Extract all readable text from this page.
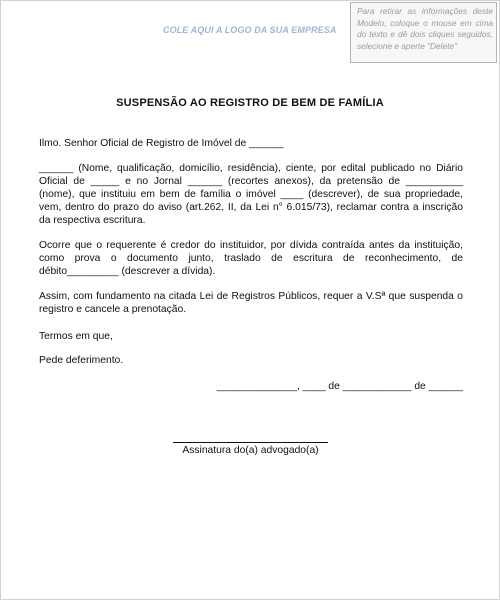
COLE AQUI A LOGO DA SUA EMPRESA
Para retirar as informações deste Modelo, coloque o mouse em cima do texto e dê dois cliques seguidos, selecione e aperte "Delete"
SUSPENSÃO AO REGISTRO DE BEM DE FAMÍLIA

Ilmo. Senhor Oficial de Registro de Imóvel de ______

______ (Nome, qualificação, domicílio, residência), ciente, por edital publicado no Diário Oficial de _____ e no Jornal ______ (recortes anexos), da pretensão de __________ (nome), que instituiu em bem de família o imóvel ____ (descrever), de sua propriedade, vem, dentro do prazo do aviso (art.262, II, da Lei n° 6.015/73), reclamar contra a inscrição da respectiva escritura.

Ocorre que o requerente é credor do instituidor, por dívida contraída antes da instituição, como prova o documento junto, traslado de escritura de reconhecimento, de débito_________ (descrever a dívida).

Assim, com fundamento na citada Lei de Registros Públicos, requer a V.Sª que suspenda o registro e cancele a prenotação.

Termos em que,

Pede deferimento.

______________, ____ de ____________ de ______

Assinatura do(a) advogado(a)
